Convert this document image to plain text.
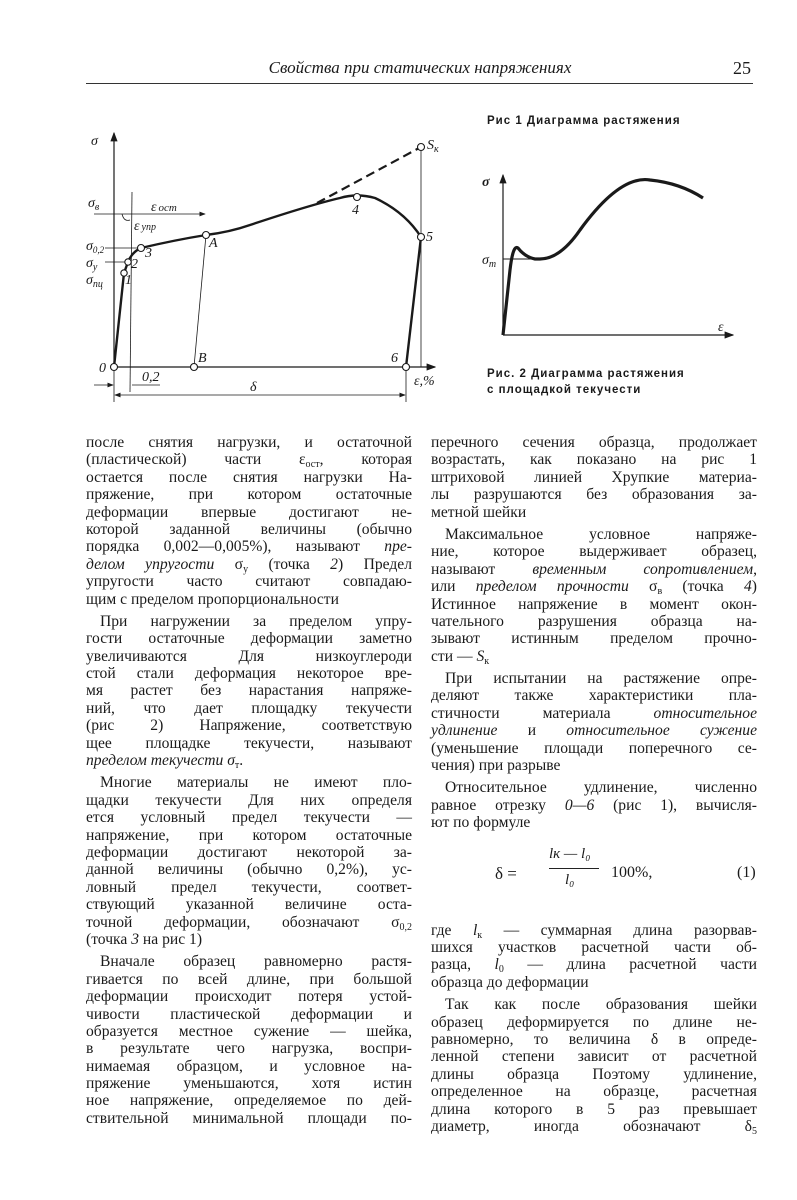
Свойства при статических напряжениях	25
σ
$\sigma_в$
$\sigma_{0,2}$
$\sigma_у$
$\sigma_{пц}$
ε ост
ε упр
0
1
2
3
A
4
5
$S_к$
B	6
0,2
δ	ε,%
Рис 1 Диаграмма растяжения
σ
$\sigma_т$
ε
Рис. 2 Диаграмма растяжения
с площадкой текучести
после снятия нагрузки, и остаточной
(пластической) части $\varepsilon_{ост}$, которая
остается после снятия нагрузки На-
пряжение, при котором остаточные
деформации впервые достигают не-
которой заданной величины (обычно
порядка 0,002—0,005%), называют пре-
делом упругости $\sigma_у$ (точка 2) Предел
упругости часто считают совпадаю-
щим с пределом пропорциональности
При нагружении за пределом упру-
гости остаточные деформации заметно
увеличиваются Для низкоуглероди
стой стали деформация некоторое вре-
мя растет без нарастания напряже-
ний, что дает площадку текучести
(рис 2) Напряжение, соответствую
щее площадке текучести, называют
пределом текучести $\sigma_т$.
Многие материалы не имеют пло-
щадки текучести Для них определя
ется условный предел текучести —
напряжение, при котором остаточные
деформации достигают некоторой за-
данной величины (обычно 0,2%), ус-
ловный предел текучести, соответ-
ствующий указанной величине оста-
точной деформации, обозначают $\sigma_{0,2}$
(точка 3 на рис 1)
Вначале образец равномерно растя-
гивается по всей длине, при большой
деформации происходит потеря устой-
чивости пластической деформации и
образуется местное сужение — шейка,
в результате чего нагрузка, воспри-
нимаемая образцом, и условное на-
пряжение уменьшаются, хотя истин
ное напряжение, определяемое по дей-
ствительной минимальной площади по-
перечного сечения образца, продолжает
возрастать, как показано на рис 1
штриховой линией Хрупкие материа-
лы разрушаются без образования за-
метной шейки
Максимальное условное напряже-
ние, которое выдерживает образец,
называют временным сопротивлением,
или пределом прочности $\sigma_в$ (точка 4)
Истинное напряжение в момент окон-
чательного разрушения образца на-
зывают истинным пределом прочно-
сти — $S_к$
При испытании на растяжение опре-
деляют также характеристики пла-
стичности материала относительное
удлинение и относительное сужение
(уменьшение площади поперечного се-
чения) при разрыве
Относительное удлинение, численно
равное отрезку 0—6 (рис 1), вычисля-
ют по формуле
δ =
lк — l₀
l₀ 100%,	(1)
где $l_к$ — суммарная длина разорвав-
шихся участков расчетной части об-
разца, $l_0$ — длина расчетной части
образца до деформации
Так как после образования шейки
образец деформируется по длине не-
равномерно, то величина δ в опреде-
ленной степени зависит от расчетной
длины образца Поэтому удлинение,
определенное на образце, расчетная
длина которого в 5 раз превышает
диаметр, иногда обозначают $\delta_5$
